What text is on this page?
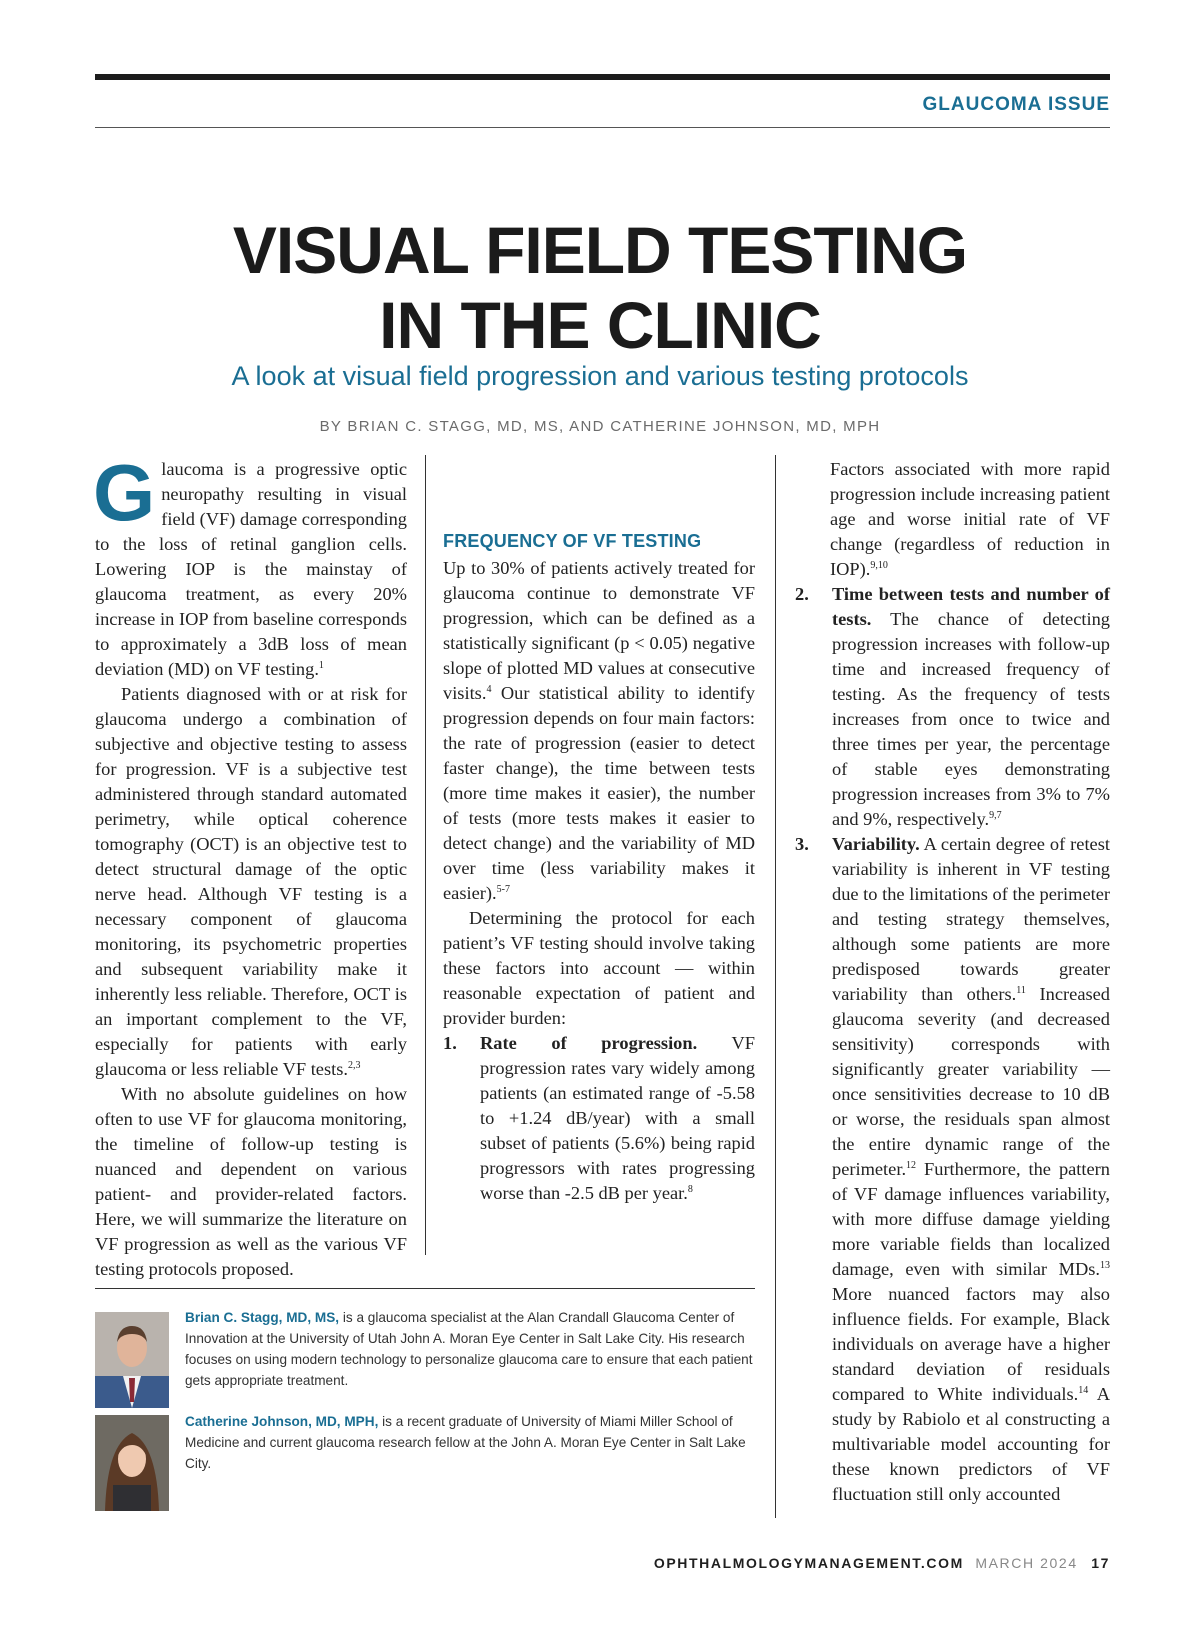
GLAUCOMA ISSUE
VISUAL FIELD TESTING
IN THE CLINIC
A look at visual field progression and various testing protocols
BY BRIAN C. STAGG, MD, MS, AND CATHERINE JOHNSON, MD, MPH

Glaucoma is a progressive optic neuropathy resulting in visual field (VF) damage corresponding to the loss of retinal ganglion cells. Lowering IOP is the mainstay of glaucoma treatment, as every 20% increase in IOP from baseline corresponds to approximately a 3dB loss of mean deviation (MD) on VF testing.$^1$

Patients diagnosed with or at risk for glaucoma undergo a combination of subjective and objective testing to assess for progression. VF is a subjective test administered through standard automated perimetry, while optical coherence tomography (OCT) is an objective test to detect structural damage of the optic nerve head. Although VF testing is a necessary component of glaucoma monitoring, its psychometric properties and subsequent variability make it inherently less reliable. Therefore, OCT is an important complement to the VF, especially for patients with early glaucoma or less reliable VF tests.$^{2,3}$

With no absolute guidelines on how often to use VF for glaucoma monitoring, the timeline of follow-up testing is nuanced and dependent on various patient- and provider-related factors. Here, we will summarize the literature on VF progression as well as the various VF testing protocols proposed.

FREQUENCY OF VF TESTING

Up to 30% of patients actively treated for glaucoma continue to demonstrate VF progression, which can be defined as a statistically significant (p < 0.05) negative slope of plotted MD values at consecutive visits.$^4$ Our statistical ability to identify progression depends on four main factors: the rate of progression (easier to detect faster change), the time between tests (more time makes it easier), the number of tests (more tests makes it easier to detect change) and the variability of MD over time (less variability makes it easier).$^{5-7}$

Determining the protocol for each patient’s VF testing should involve taking these factors into account — within reasonable expectation of patient and provider burden:

1. Rate of progression. VF progression rates vary widely among patients (an estimated range of -5.58 to +1.24 dB/year) with a small subset of patients (5.6%) being rapid progressors with rates progressing worse than -2.5 dB per year.$^8$

Factors associated with more rapid progression include increasing patient age and worse initial rate of VF change (regardless of reduction in IOP).$^{9,10}$

2. Time between tests and number of tests. The chance of detecting progression increases with follow-up time and increased frequency of testing. As the frequency of tests increases from once to twice and three times per year, the percentage of stable eyes demonstrating progression increases from 3% to 7% and 9%, respectively.$^{9,7}$

3. Variability. A certain degree of retest variability is inherent in VF testing due to the limitations of the perimeter and testing strategy themselves, although some patients are more predisposed towards greater variability than others.$^{11}$ Increased glaucoma severity (and decreased sensitivity) corresponds with significantly greater variability — once sensitivities decrease to 10 dB or worse, the residuals span almost the entire dynamic range of the perimeter.$^{12}$ Furthermore, the pattern of VF damage influences variability, with more diffuse damage yielding more variable fields than localized damage, even with similar MDs.$^{13}$ More nuanced factors may also influence fields. For example, Black individuals on average have a higher standard deviation of residuals compared to White individuals.$^{14}$ A study by Rabiolo et al constructing a multivariable model accounting for these known predictors of VF fluctuation still only accounted

Brian C. Stagg, MD, MS, is a glaucoma specialist at the Alan Crandall Glaucoma Center of Innovation at the University of Utah John A. Moran Eye Center in Salt Lake City. His research focuses on using modern technology to personalize glaucoma care to ensure that each patient gets appropriate treatment.

Catherine Johnson, MD, MPH, is a recent graduate of University of Miami Miller School of Medicine and current glaucoma research fellow at the John A. Moran Eye Center in Salt Lake City.

OPHTHALMOLOGYMANAGEMENT.COM MARCH 2024 17
